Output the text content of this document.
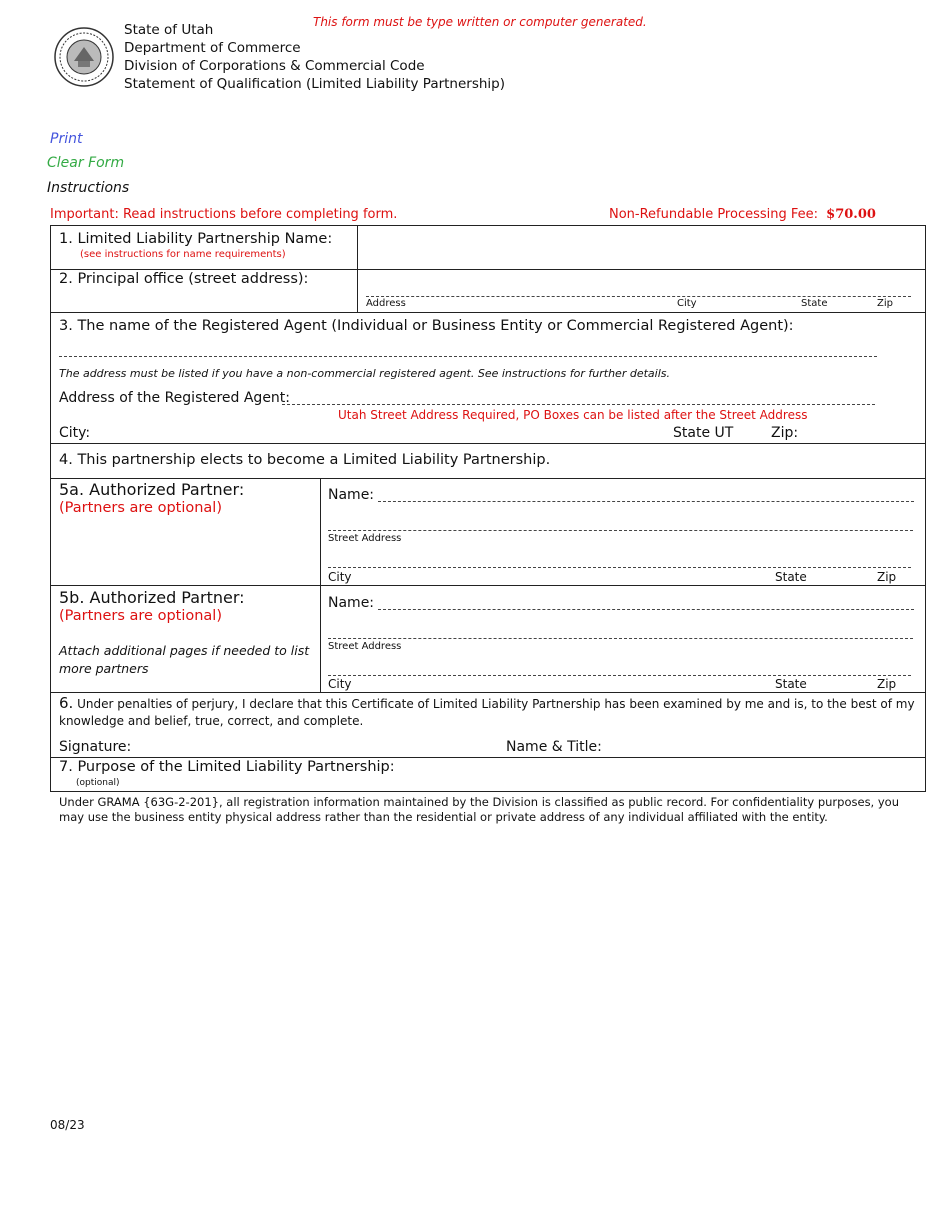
This form must be type written or computer generated.
State of Utah
Department of Commerce
Division of Corporations & Commercial Code
Statement of Qualification (Limited Liability Partnership)
Print
Clear Form
Instructions
Important: Read instructions before completing form.	Non-Refundable Processing Fee: $70.00
1. Limited Liability Partnership Name:
(see instructions for name requirements)
2. Principal office (street address):
Address	City	State	Zip
3. The name of the Registered Agent (Individual or Business Entity or Commercial Registered Agent):
The address must be listed if you have a non-commercial registered agent. See instructions for further details.
Address of the Registered Agent:
Utah Street Address Required, PO Boxes can be listed after the Street Address
City:	State UT	Zip:
4. This partnership elects to become a Limited Liability Partnership.
5a. Authorized Partner:
(Partners are optional)
Name:
Street Address
City	State	Zip
5b. Authorized Partner:
(Partners are optional)
Attach additional pages if needed to list more partners
Name:
Street Address
City	State	Zip
6. Under penalties of perjury, I declare that this Certificate of Limited Liability Partnership has been examined by me and is, to the best of my knowledge and belief, true, correct, and complete.
Signature:	Name & Title:
7. Purpose of the Limited Liability Partnership:
(optional)
Under GRAMA {63G-2-201}, all registration information maintained by the Division is classified as public record. For confidentiality purposes, you may use the business entity physical address rather than the residential or private address of any individual affiliated with the entity.
08/23
